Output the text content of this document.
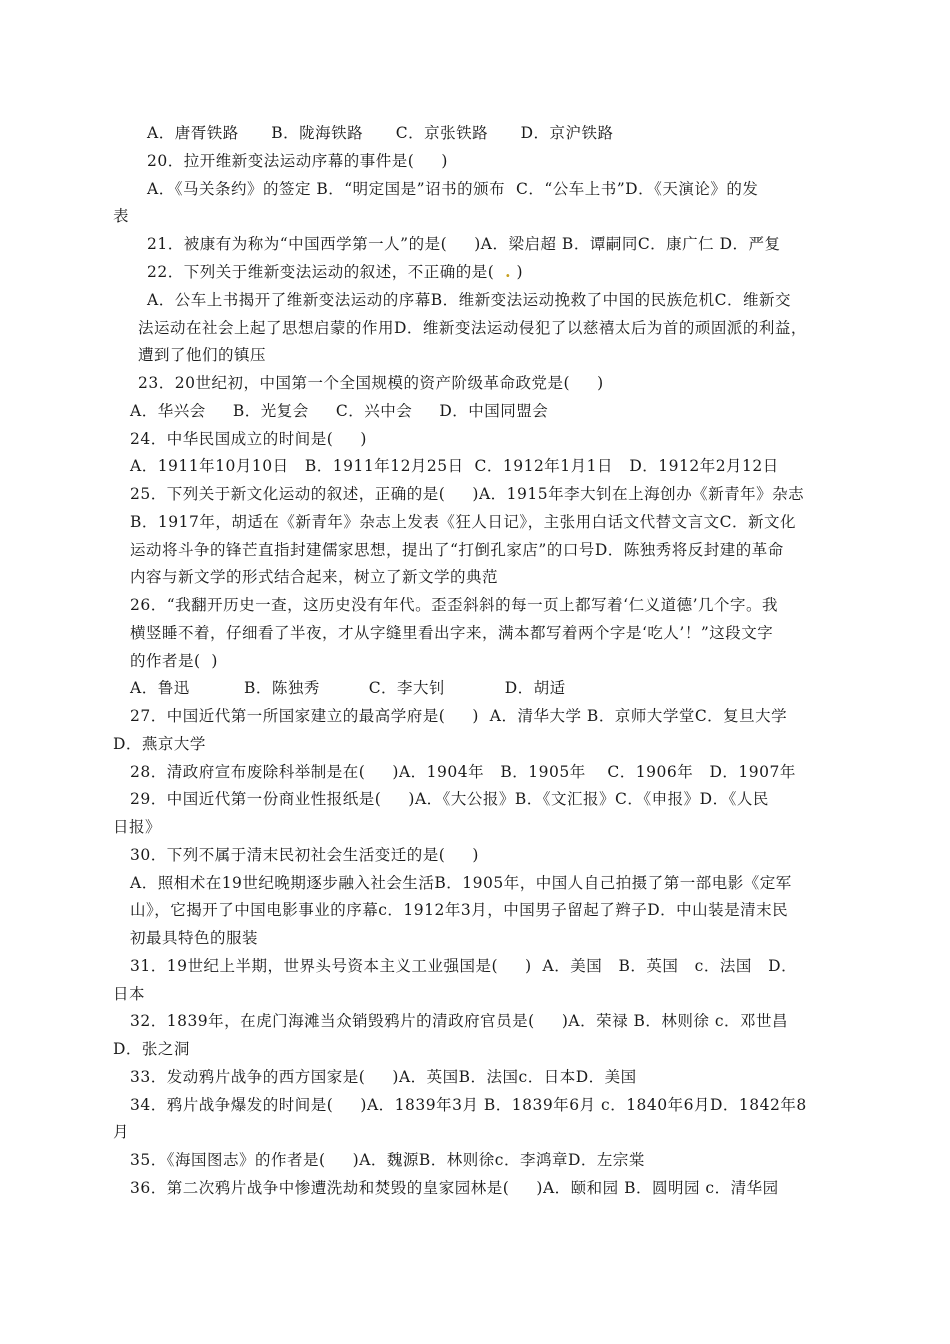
A．唐胥铁路      B．陇海铁路      C．京张铁路      D．京沪铁路
20．拉开维新变法运动序幕的事件是(     )
A．《马关条约》的签定 B．“明定国是”诏书的颁布  C．“公车上书”D．《天演论》的发
表
21．被康有为称为“中国西学第一人”的是(     )A．梁启超 B．谭嗣同C．康广仁 D．严复
22．下列关于维新变法运动的叙述，不正确的是(  . )
A．公车上书揭开了维新变法运动的序幕B．维新变法运动挽救了中国的民族危机C．维新交
法运动在社会上起了思想启蒙的作用D．维新变法运动侵犯了以慈禧太后为首的顽固派的利益，
遭到了他们的镇压
23．20世纪初，中国第一个全国规模的资产阶级革命政党是(     )
A．华兴会     B．光复会     C．兴中会     D．中国同盟会
24．中华民国成立的时间是(     )
A．1911年10月10日   B．1911年12月25日  C．1912年1月1日   D．1912年2月12日
25．下列关于新文化运动的叙述，正确的是(     )A．1915年李大钊在上海创办《新青年》杂志
B．1917年，胡适在《新青年》杂志上发表《狂人日记》，主张用白话文代替文言文C．新文化
运动将斗争的锋芒直指封建儒家思想，提出了“打倒孔家店”的口号D．陈独秀将反封建的革命
内容与新文学的形式结合起来，树立了新文学的典范
26．“我翻开历史一查，这历史没有年代。歪歪斜斜的每一页上都写着‘仁义道德’几个字。我
横竖睡不着，仔细看了半夜，才从字缝里看出字来，满本都写着两个字是‘吃人’！”这段文字
的作者是(  )
A．鲁迅          B．陈独秀         C．李大钊           D．胡适
27．中国近代第一所国家建立的最高学府是(     )  A．清华大学 B．京师大学堂C．复旦大学
D．燕京大学
28．清政府宣布废除科举制是在(     )A．1904年   B．1905年    C．1906年   D．1907年
29．中国近代第一份商业性报纸是(     )A．《大公报》B．《文汇报》C．《申报》D．《人民
日报》
30．下列不属于清末民初社会生活变迁的是(     )
A．照相术在19世纪晚期逐步融入社会生活B．1905年，中国人自己拍摄了第一部电影《定军
山》，它揭开了中国电影事业的序幕c．1912年3月，中国男子留起了辫子D．中山装是清末民
初最具特色的服装
31．19世纪上半期，世界头号资本主义工业强国是(     )  A．美国   B．英国   c．法国   D．
日本
32．1839年，在虎门海滩当众销毁鸦片的清政府官员是(     )A．荣禄 B．林则徐 c．邓世昌
D．张之洞
33．发动鸦片战争的西方国家是(     )A．英国B．法国c．日本D．美国
34．鸦片战争爆发的时间是(     )A．1839年3月 B．1839年6月 c．1840年6月D．1842年8
月
35．《海国图志》的作者是(     )A．魏源B．林则徐c．李鸿章D．左宗棠
36．第二次鸦片战争中惨遭洗劫和焚毁的皇家园林是(     )A．颐和园 B．圆明园 c．清华园
